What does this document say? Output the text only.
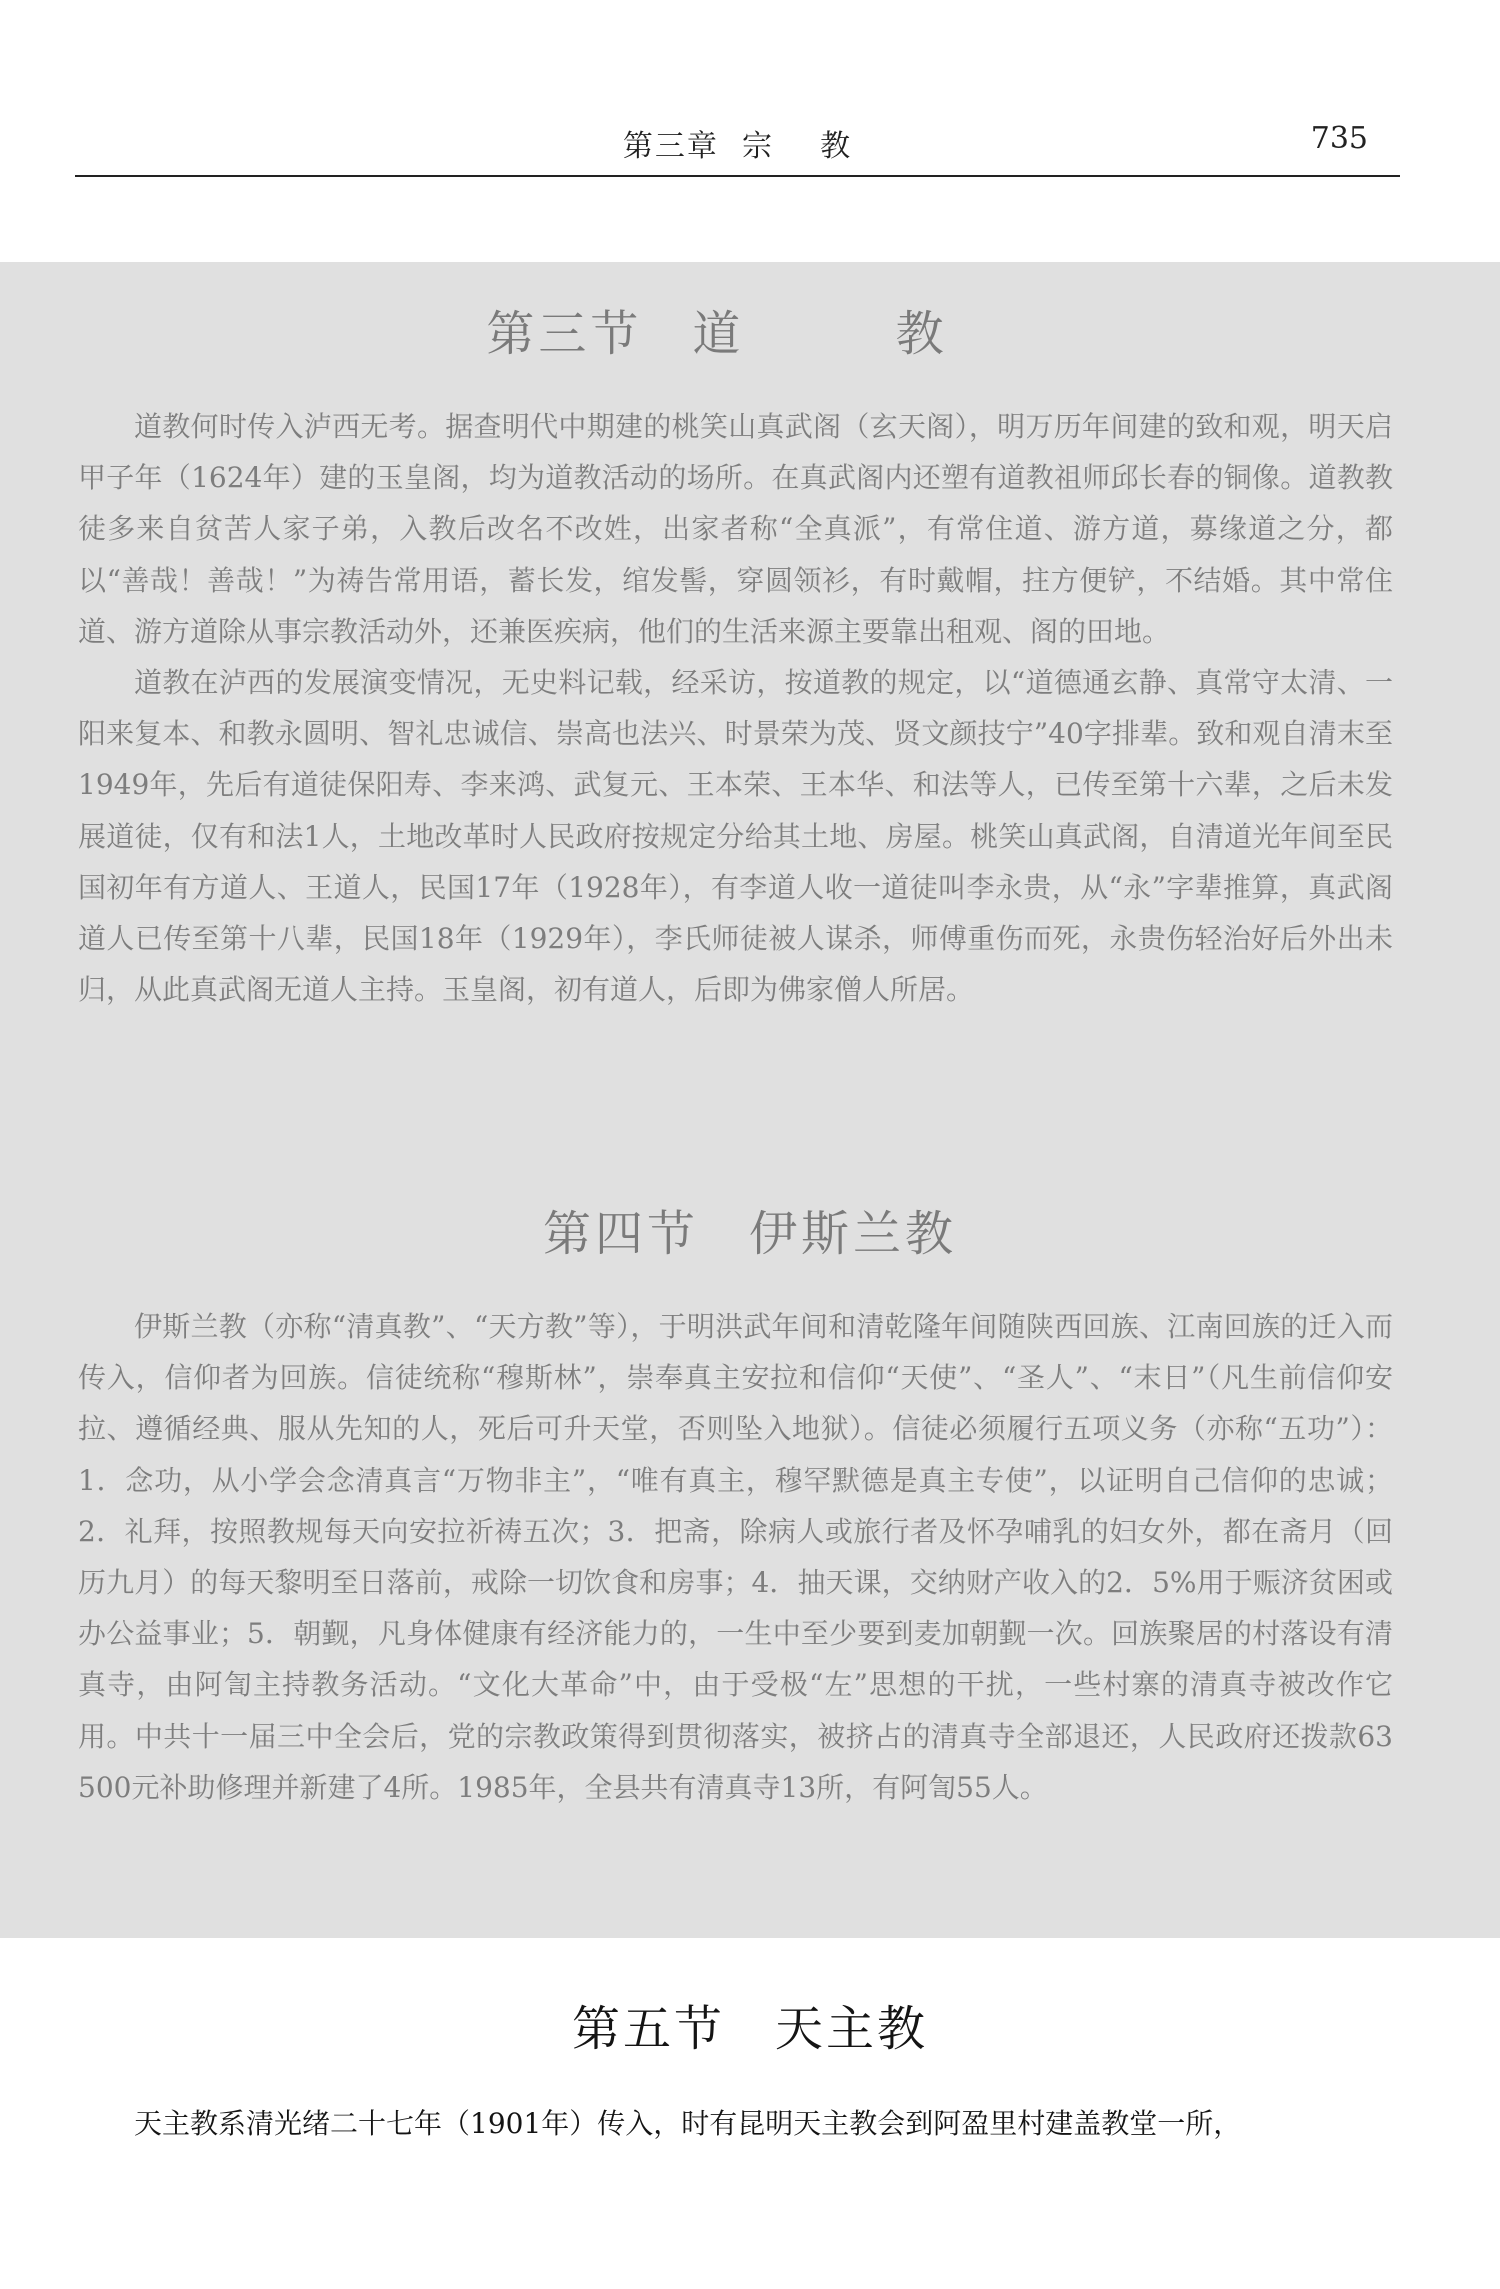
第三章  宗    教	735
第三节 道 教

道教何时传入泸西无考。据查明代中期建的桃笑山真武阁（玄天阁），明万历年间建的致和观，明天启甲子年（1624年）建的玉皇阁，均为道教活动的场所。在真武阁内还塑有道教祖师邱长春的铜像。道教教徒多来自贫苦人家子弟，入教后改名不改姓，出家者称“全真派”，有常住道、游方道，募缘道之分，都以“善哉！善哉！”为祷告常用语，蓄长发，绾发髻，穿圆领衫，有时戴帽，拄方便铲，不结婚。其中常住道、游方道除从事宗教活动外，还兼医疾病，他们的生活来源主要靠出租观、阁的田地。

道教在泸西的发展演变情况，无史料记载，经采访，按道教的规定，以“道德通玄静、真常守太清、一阳来复本、和教永圆明、智礼忠诚信、崇高也法兴、时景荣为茂、贤文颜技宁”40字排辈。致和观自清末至1949年，先后有道徒保阳寿、李来鸿、武复元、王本荣、王本华、和法等人，已传至第十六辈，之后未发展道徒，仅有和法1人，土地改革时人民政府按规定分给其土地、房屋。桃笑山真武阁，自清道光年间至民国初年有方道人、王道人，民国17年（1928年），有李道人收一道徒叫李永贵，从“永”字辈推算，真武阁道人已传至第十八辈，民国18年（1929年），李氏师徒被人谋杀，师傅重伤而死，永贵伤轻治好后外出未归，从此真武阁无道人主持。玉皇阁，初有道人，后即为佛家僧人所居。

第四节 伊斯兰教

伊斯兰教（亦称“清真教”、“天方教”等），于明洪武年间和清乾隆年间随陕西回族、江南回族的迁入而传入，信仰者为回族。信徒统称“穆斯林”，崇奉真主安拉和信仰“天使”、“圣人”、“末日”（凡生前信仰安拉、遵循经典、服从先知的人，死后可升天堂，否则坠入地狱）。信徒必须履行五项义务（亦称“五功”）：1．念功，从小学会念清真言“万物非主”，“唯有真主，穆罕默德是真主专使”，以证明自己信仰的忠诚；2．礼拜，按照教规每天向安拉祈祷五次；3．把斋，除病人或旅行者及怀孕哺乳的妇女外，都在斋月（回历九月）的每天黎明至日落前，戒除一切饮食和房事；4．抽天课，交纳财产收入的2．5%用于赈济贫困或办公益事业；5．朝觐，凡身体健康有经济能力的，一生中至少要到麦加朝觐一次。回族聚居的村落设有清真寺，由阿訇主持教务活动。“文化大革命”中，由于受极“左”思想的干扰，一些村寨的清真寺被改作它用。中共十一届三中全会后，党的宗教政策得到贯彻落实，被挤占的清真寺全部退还，人民政府还拨款63 500元补助修理并新建了4所。1985年，全县共有清真寺13所，有阿訇55人。

第五节 天主教
天主教系清光绪二十七年（1901年）传入，时有昆明天主教会到阿盈里村建盖教堂一所，
